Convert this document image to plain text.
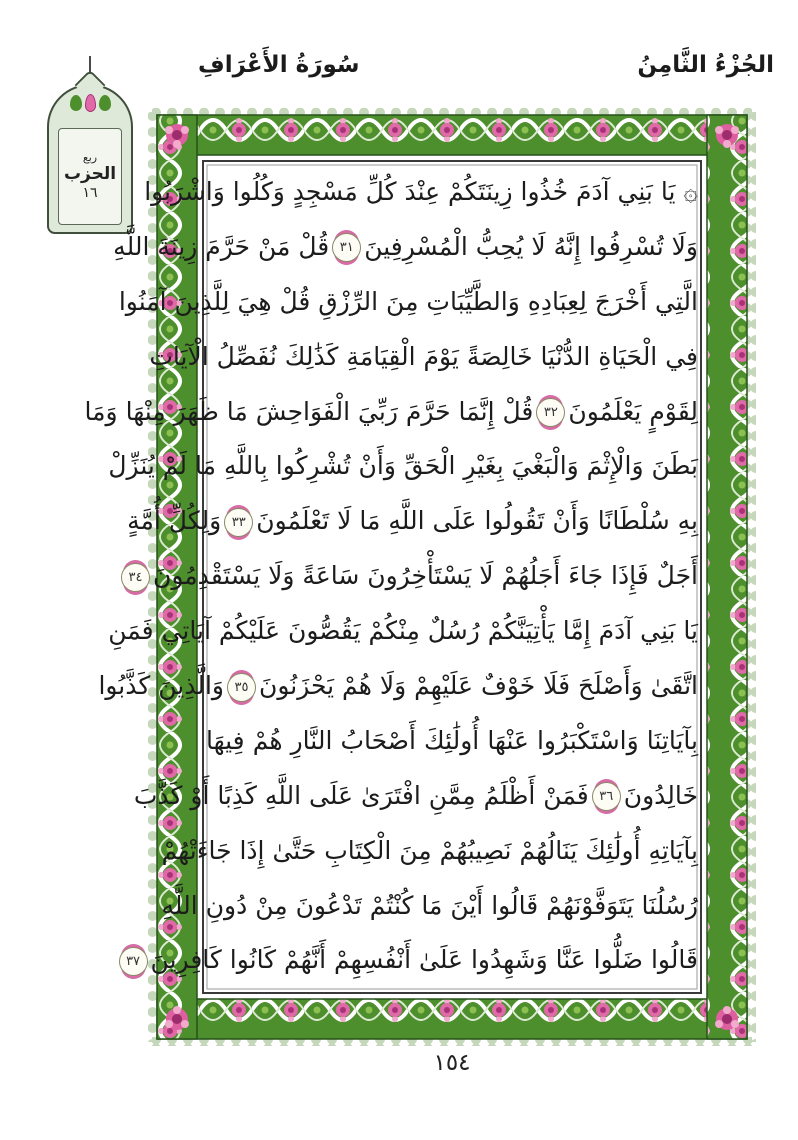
الجُزْءُ الثَّامِنُ
سُورَةُ الأَعْرَافِ
ربع
الحزب
١٦ ۞ يَا بَنِي آدَمَ خُذُوا زِينَتَكُمْ عِنْدَ كُلِّ مَسْجِدٍ وَكُلُوا وَاشْرَبُوا
وَلَا تُسْرِفُوا إِنَّهُ لَا يُحِبُّ الْمُسْرِفِينَ٣١قُلْ مَنْ حَرَّمَ زِينَةَ اللَّهِ
الَّتِي أَخْرَجَ لِعِبَادِهِ وَالطَّيِّبَاتِ مِنَ الرِّزْقِ قُلْ هِيَ لِلَّذِينَ آمَنُوا
فِي الْحَيَاةِ الدُّنْيَا خَالِصَةً يَوْمَ الْقِيَامَةِ كَذَٰلِكَ نُفَصِّلُ الْآيَاتِ
لِقَوْمٍ يَعْلَمُونَ٣٢قُلْ إِنَّمَا حَرَّمَ رَبِّيَ الْفَوَاحِشَ مَا ظَهَرَ مِنْهَا وَمَا
بَطَنَ وَالْإِثْمَ وَالْبَغْيَ بِغَيْرِ الْحَقِّ وَأَنْ تُشْرِكُوا بِاللَّهِ مَا لَمْ يُنَزِّلْ
بِهِ سُلْطَانًا وَأَنْ تَقُولُوا عَلَى اللَّهِ مَا لَا تَعْلَمُونَ٣٣وَلِكُلِّ أُمَّةٍ
أَجَلٌ فَإِذَا جَاءَ أَجَلُهُمْ لَا يَسْتَأْخِرُونَ سَاعَةً وَلَا يَسْتَقْدِمُونَ٣٤
يَا بَنِي آدَمَ إِمَّا يَأْتِيَنَّكُمْ رُسُلٌ مِنْكُمْ يَقُصُّونَ عَلَيْكُمْ آيَاتِي فَمَنِ
اتَّقَىٰ وَأَصْلَحَ فَلَا خَوْفٌ عَلَيْهِمْ وَلَا هُمْ يَحْزَنُونَ٣٥وَالَّذِينَ كَذَّبُوا
بِآيَاتِنَا وَاسْتَكْبَرُوا عَنْهَا أُولَٰئِكَ أَصْحَابُ النَّارِ هُمْ فِيهَا
خَالِدُونَ٣٦فَمَنْ أَظْلَمُ مِمَّنِ افْتَرَىٰ عَلَى اللَّهِ كَذِبًا أَوْ كَذَّبَ
بِآيَاتِهِ أُولَٰئِكَ يَنَالُهُمْ نَصِيبُهُمْ مِنَ الْكِتَابِ حَتَّىٰ إِذَا جَاءَتْهُمْ
رُسُلُنَا يَتَوَفَّوْنَهُمْ قَالُوا أَيْنَ مَا كُنْتُمْ تَدْعُونَ مِنْ دُونِ اللَّهِ
قَالُوا ضَلُّوا عَنَّا وَشَهِدُوا عَلَىٰ أَنْفُسِهِمْ أَنَّهُمْ كَانُوا كَافِرِينَ٣٧
١٥٤
